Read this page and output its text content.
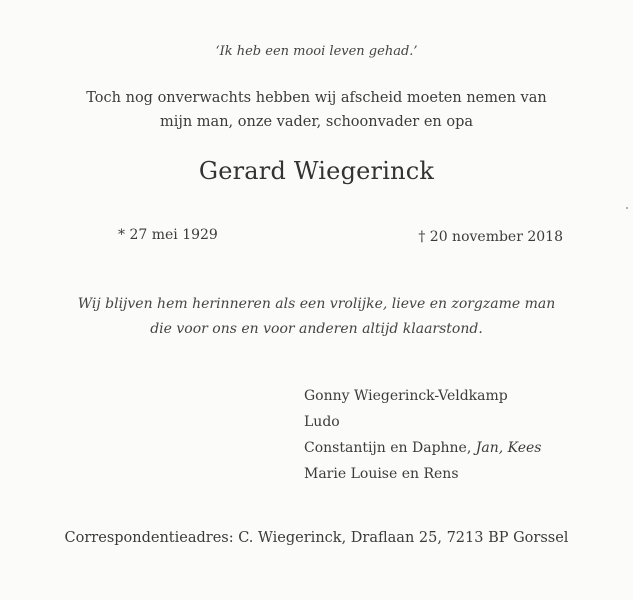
‘Ik heb een mooi leven gehad.’
Toch nog onverwachts hebben wij afscheid moeten nemen van
mijn man, onze vader, schoonvader en opa
Gerard Wiegerinck
* 27 mei 1929	† 20 november 2018
Wij blijven hem herinneren als een vrolijke, lieve en zorgzame man
die voor ons en voor anderen altijd klaarstond.
Gonny Wiegerinck-Veldkamp
Ludo
Constantijn en Daphne, Jan, Kees
Marie Louise en Rens
Correspondentieadres: C. Wiegerinck, Draflaan 25, 7213 BP Gorssel
